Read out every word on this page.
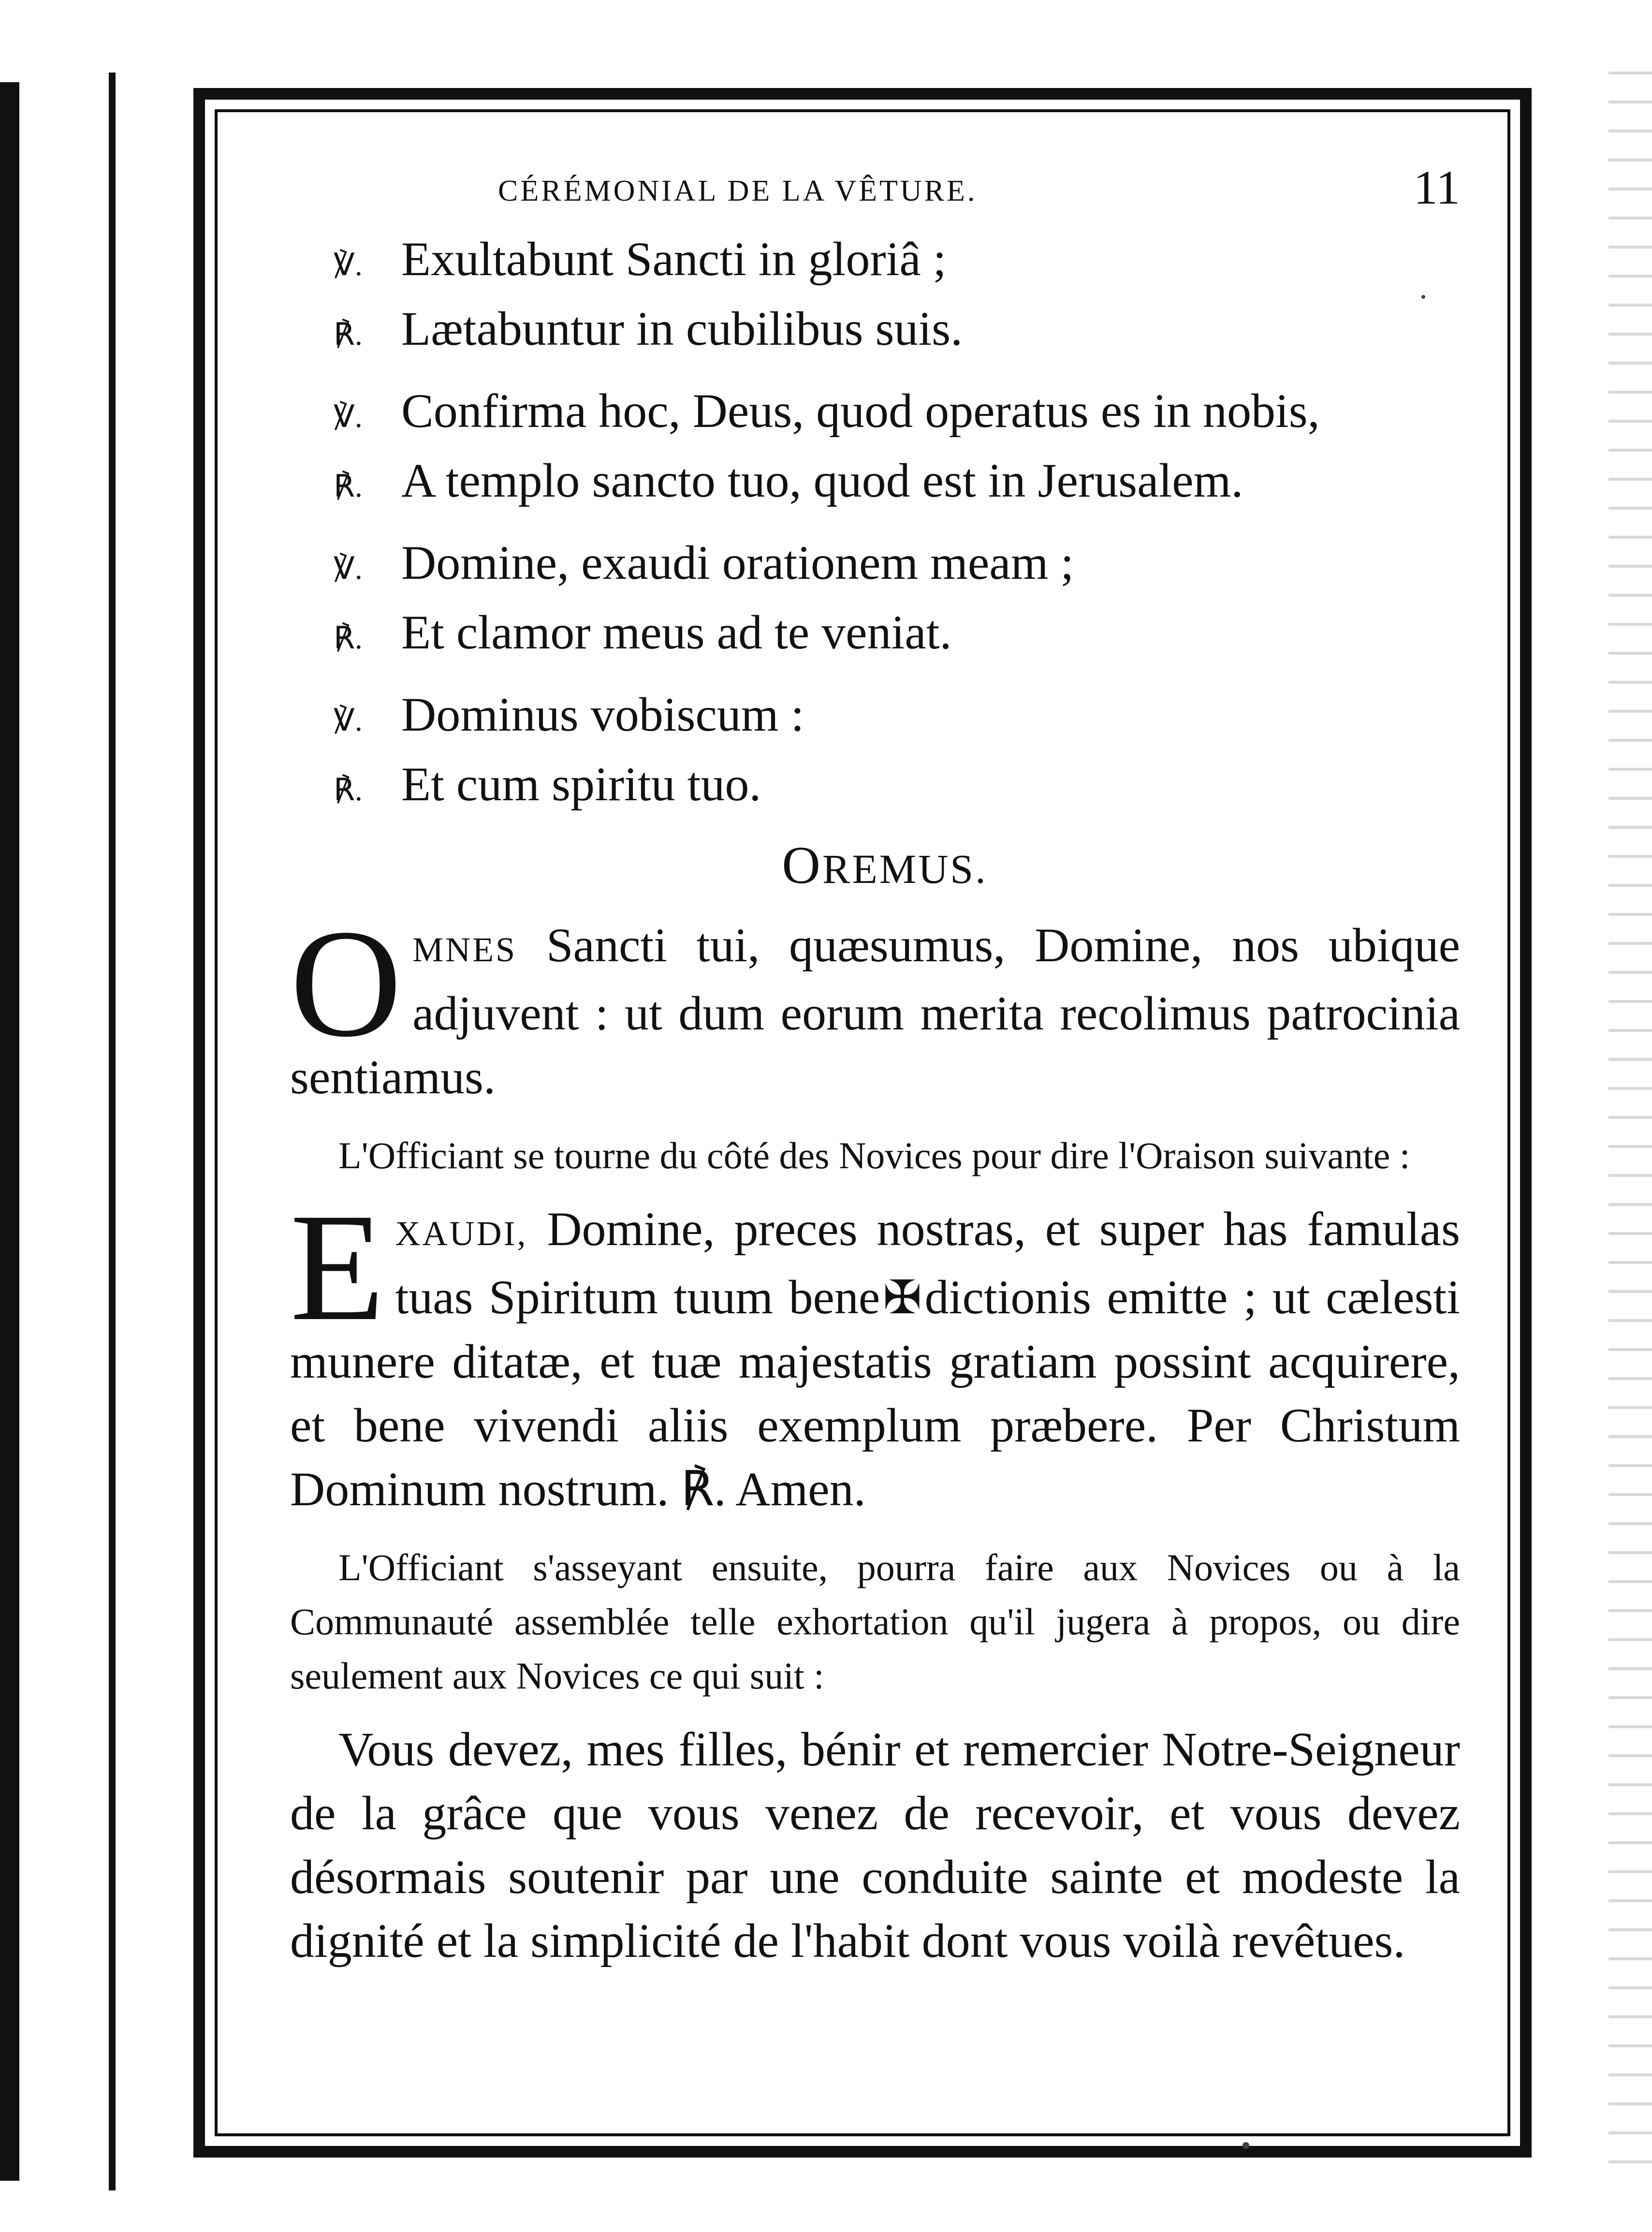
CÉRÉMONIAL DE LA VÊTURE.	11
℣. Exultabunt Sancti in gloriâ ;
℟. Lætabuntur in cubilibus suis.
℣. Confirma hoc, Deus, quod operatus es in nobis,
℟. A templo sancto tuo, quod est in Jerusalem.
℣. Domine, exaudi orationem meam ;
℟. Et clamor meus ad te veniat.
℣. Dominus vobiscum :
℟. Et cum spiritu tuo.
OREMUS.

OMNES Sancti tui, quæsumus, Domine, nos ubique adjuvent : ut dum eorum merita recolimus patrocinia sentiamus.

L'Officiant se tourne du côté des Novices pour dire l'Oraison suivante :

EXAUDI, Domine, preces nostras, et super has famulas tuas Spiritum tuum bene✠dictionis emitte ; ut cælesti munere ditatæ, et tuæ majestatis gratiam possint acquirere, et bene vivendi aliis exemplum præbere. Per Christum Dominum nostrum. ℟. Amen.

L'Officiant s'asseyant ensuite, pourra faire aux Novices ou à la Communauté assemblée telle exhortation qu'il jugera à propos, ou dire seulement aux Novices ce qui suit :

Vous devez, mes filles, bénir et remercier Notre-Seigneur de la grâce que vous venez de recevoir, et vous devez désormais soutenir par une conduite sainte et modeste la dignité et la simplicité de l'habit dont vous voilà revêtues.
